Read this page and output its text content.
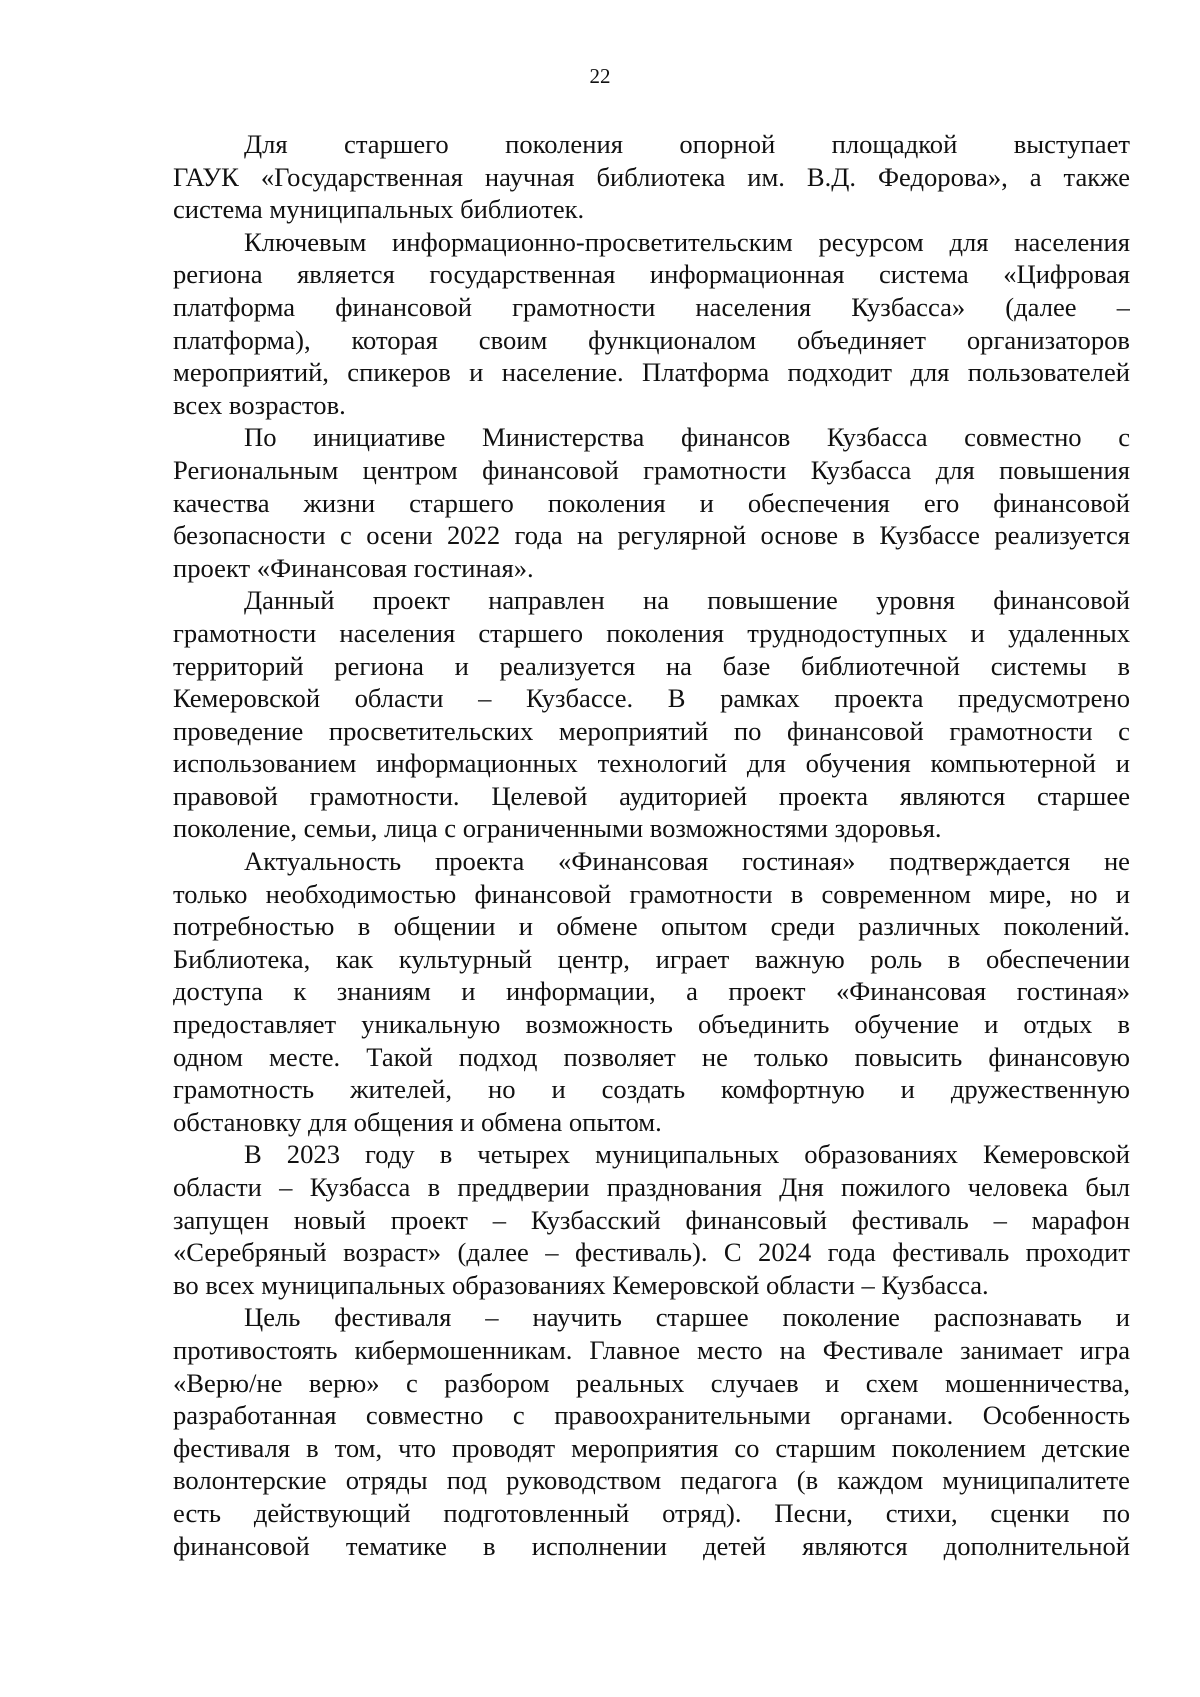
22

Для старшего поколения опорной площадкой выступает
ГАУК «Государственная научная библиотека им. В.Д. Федорова», а также
система муниципальных библиотек.

Ключевым информационно-просветительским ресурсом для населения
региона является государственная информационная система «Цифровая
платформа финансовой грамотности населения Кузбасса» (далее –
платформа), которая своим функционалом объединяет организаторов
мероприятий, спикеров и население. Платформа подходит для пользователей
всех возрастов.

По инициативе Министерства финансов Кузбасса совместно с
Региональным центром финансовой грамотности Кузбасса для повышения
качества жизни старшего поколения и обеспечения его финансовой
безопасности с осени 2022 года на регулярной основе в Кузбассе реализуется
проект «Финансовая гостиная».

Данный проект направлен на повышение уровня финансовой
грамотности населения старшего поколения труднодоступных и удаленных
территорий региона и реализуется на базе библиотечной системы в
Кемеровской области – Кузбассе. В рамках проекта предусмотрено
проведение просветительских мероприятий по финансовой грамотности с
использованием информационных технологий для обучения компьютерной и
правовой грамотности. Целевой аудиторией проекта являются старшее
поколение, семьи, лица с ограниченными возможностями здоровья.

Актуальность проекта «Финансовая гостиная» подтверждается не
только необходимостью финансовой грамотности в современном мире, но и
потребностью в общении и обмене опытом среди различных поколений.
Библиотека, как культурный центр, играет важную роль в обеспечении
доступа к знаниям и информации, а проект «Финансовая гостиная»
предоставляет уникальную возможность объединить обучение и отдых в
одном месте. Такой подход позволяет не только повысить финансовую
грамотность жителей, но и создать комфортную и дружественную
обстановку для общения и обмена опытом.

В 2023 году в четырех муниципальных образованиях Кемеровской
области – Кузбасса в преддверии празднования Дня пожилого человека был
запущен новый проект – Кузбасский финансовый фестиваль – марафон
«Серебряный возраст» (далее – фестиваль). С 2024 года фестиваль проходит
во всех муниципальных образованиях Кемеровской области – Кузбасса.

Цель фестиваля – научить старшее поколение распознавать и
противостоять кибермошенникам. Главное место на Фестивале занимает игра
«Верю/не верю» с разбором реальных случаев и схем мошенничества,
разработанная совместно с правоохранительными органами. Особенность
фестиваля в том, что проводят мероприятия со старшим поколением детские
волонтерские отряды под руководством педагога (в каждом муниципалитете
есть действующий подготовленный отряд). Песни, стихи, сценки по
финансовой тематике в исполнении детей являются дополнительной
